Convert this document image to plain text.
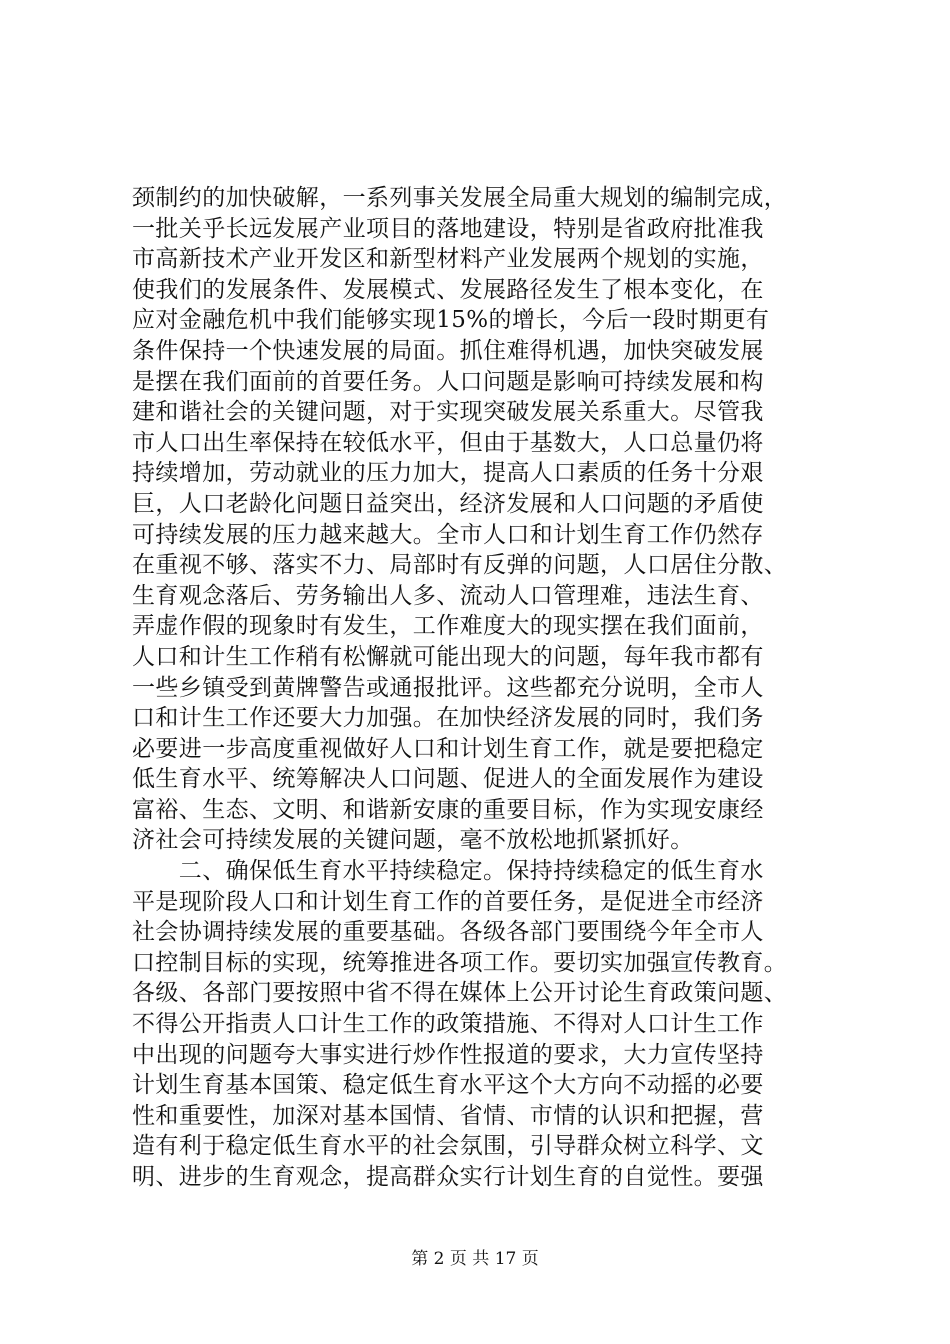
颈制约的加快破解，一系列事关发展全局重大规划的编制完成，
一批关乎长远发展产业项目的落地建设，特别是省政府批准我
市高新技术产业开发区和新型材料产业发展两个规划的实施，
使我们的发展条件、发展模式、发展路径发生了根本变化，在
应对金融危机中我们能够实现15%的增长，今后一段时期更有
条件保持一个快速发展的局面。抓住难得机遇，加快突破发展
是摆在我们面前的首要任务。人口问题是影响可持续发展和构
建和谐社会的关键问题，对于实现突破发展关系重大。尽管我
市人口出生率保持在较低水平，但由于基数大，人口总量仍将
持续增加，劳动就业的压力加大，提高人口素质的任务十分艰
巨，人口老龄化问题日益突出，经济发展和人口问题的矛盾使
可持续发展的压力越来越大。全市人口和计划生育工作仍然存
在重视不够、落实不力、局部时有反弹的问题，人口居住分散、
生育观念落后、劳务输出人多、流动人口管理难，违法生育、
弄虚作假的现象时有发生，工作难度大的现实摆在我们面前，
人口和计生工作稍有松懈就可能出现大的问题，每年我市都有
一些乡镇受到黄牌警告或通报批评。这些都充分说明，全市人
口和计生工作还要大力加强。在加快经济发展的同时，我们务
必要进一步高度重视做好人口和计划生育工作，就是要把稳定
低生育水平、统筹解决人口问题、促进人的全面发展作为建设
富裕、生态、文明、和谐新安康的重要目标，作为实现安康经
济社会可持续发展的关键问题，毫不放松地抓紧抓好。
　　二、确保低生育水平持续稳定。保持持续稳定的低生育水
平是现阶段人口和计划生育工作的首要任务，是促进全市经济
社会协调持续发展的重要基础。各级各部门要围绕今年全市人
口控制目标的实现，统筹推进各项工作。要切实加强宣传教育。
各级、各部门要按照中省不得在媒体上公开讨论生育政策问题、
不得公开指责人口计生工作的政策措施、不得对人口计生工作
中出现的问题夸大事实进行炒作性报道的要求，大力宣传坚持
计划生育基本国策、稳定低生育水平这个大方向不动摇的必要
性和重要性，加深对基本国情、省情、市情的认识和把握，营
造有利于稳定低生育水平的社会氛围，引导群众树立科学、文
明、进步的生育观念，提高群众实行计划生育的自觉性。要强
第 2 页 共 17 页
